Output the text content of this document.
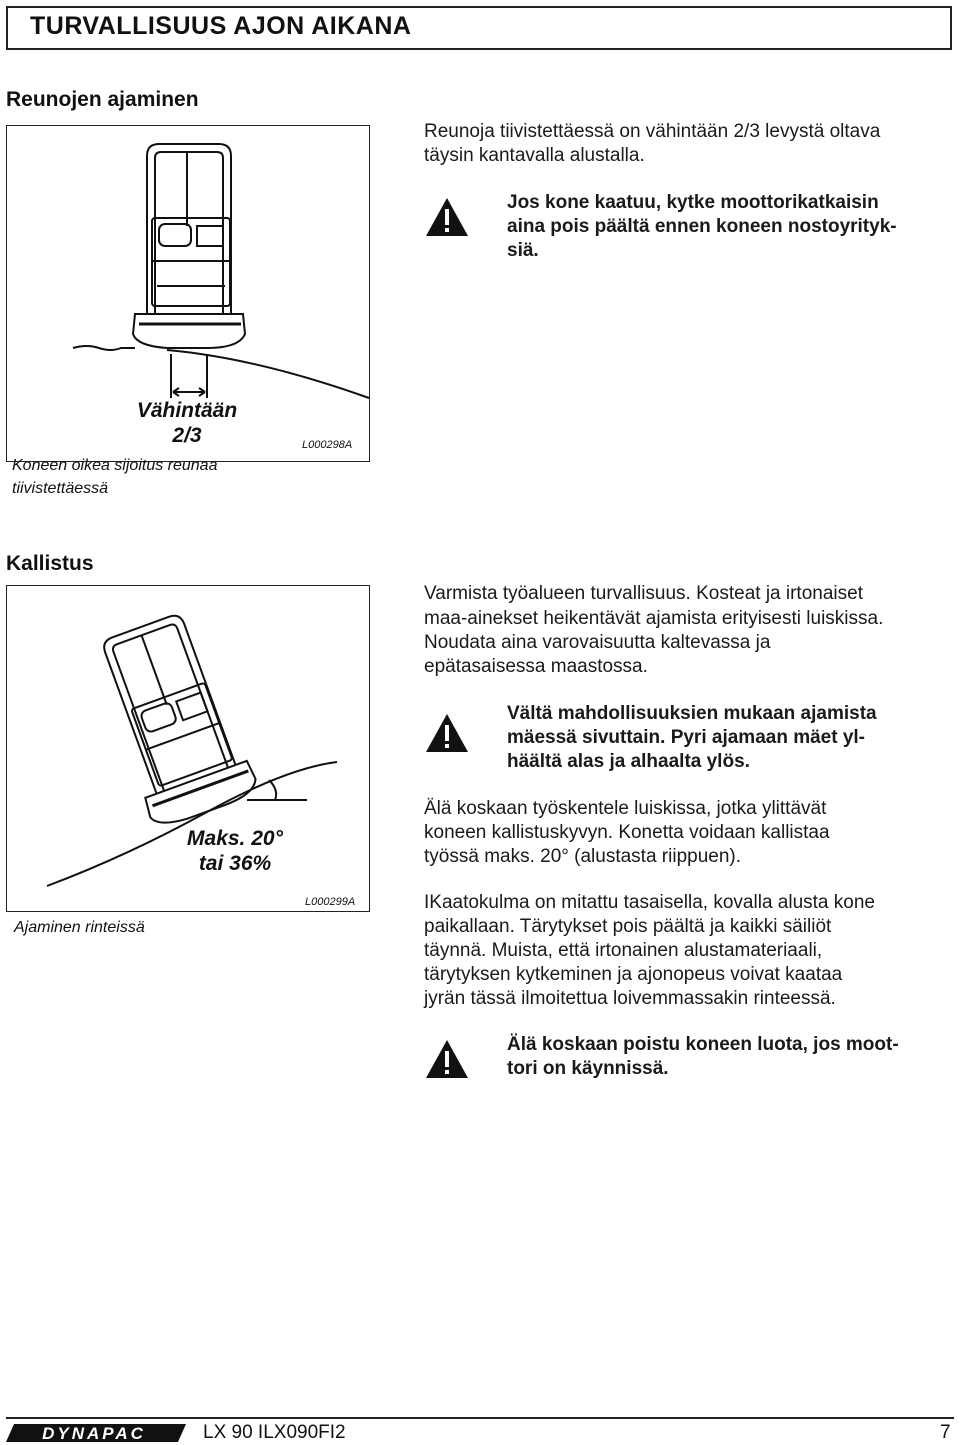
TURVALLISUUS AJON AIKANA
Reunojen ajaminen
Vähintään
2/3	L000298A
Koneen oikea sijoitus reunaa
tiivistettäessä
Reunoja tiivistettäessä on vähintään 2/3 levystä oltava
täysin kantavalla alustalla.
Jos kone kaatuu, kytke moottorikatkaisin
aina pois päältä ennen koneen nostoyrityk-
siä.
Kallistus
Maks. 20°
tai 36%
L000299A
Ajaminen rinteissä
Varmista työalueen turvallisuus. Kosteat ja irtonaiset
maa-ainekset heikentävät ajamista erityisesti luiskissa.
Noudata aina varovaisuutta kaltevassa ja
epätasaisessa maastossa.
Vältä mahdollisuuksien mukaan ajamista
mäessä sivuttain. Pyri ajamaan mäet yl-
häältä alas ja alhaalta ylös.
Älä koskaan työskentele luiskissa, jotka ylittävät
koneen kallistuskyvyn. Konetta voidaan kallistaa
työssä maks. 20° (alustasta riippuen).
IKaatokulma on mitattu tasaisella, kovalla alusta kone
paikallaan. Tärytykset pois päältä ja kaikki säiliöt
täynnä. Muista, että irtonainen alustamateriaali,
tärytyksen kytkeminen ja ajonopeus voivat kaataa
jyrän tässä ilmoitettua loivemmassakin rinteessä.
Älä koskaan poistu koneen luota, jos moot-
tori on käynnissä.
DYNAPAC	LX 90 ILX090FI2	7
